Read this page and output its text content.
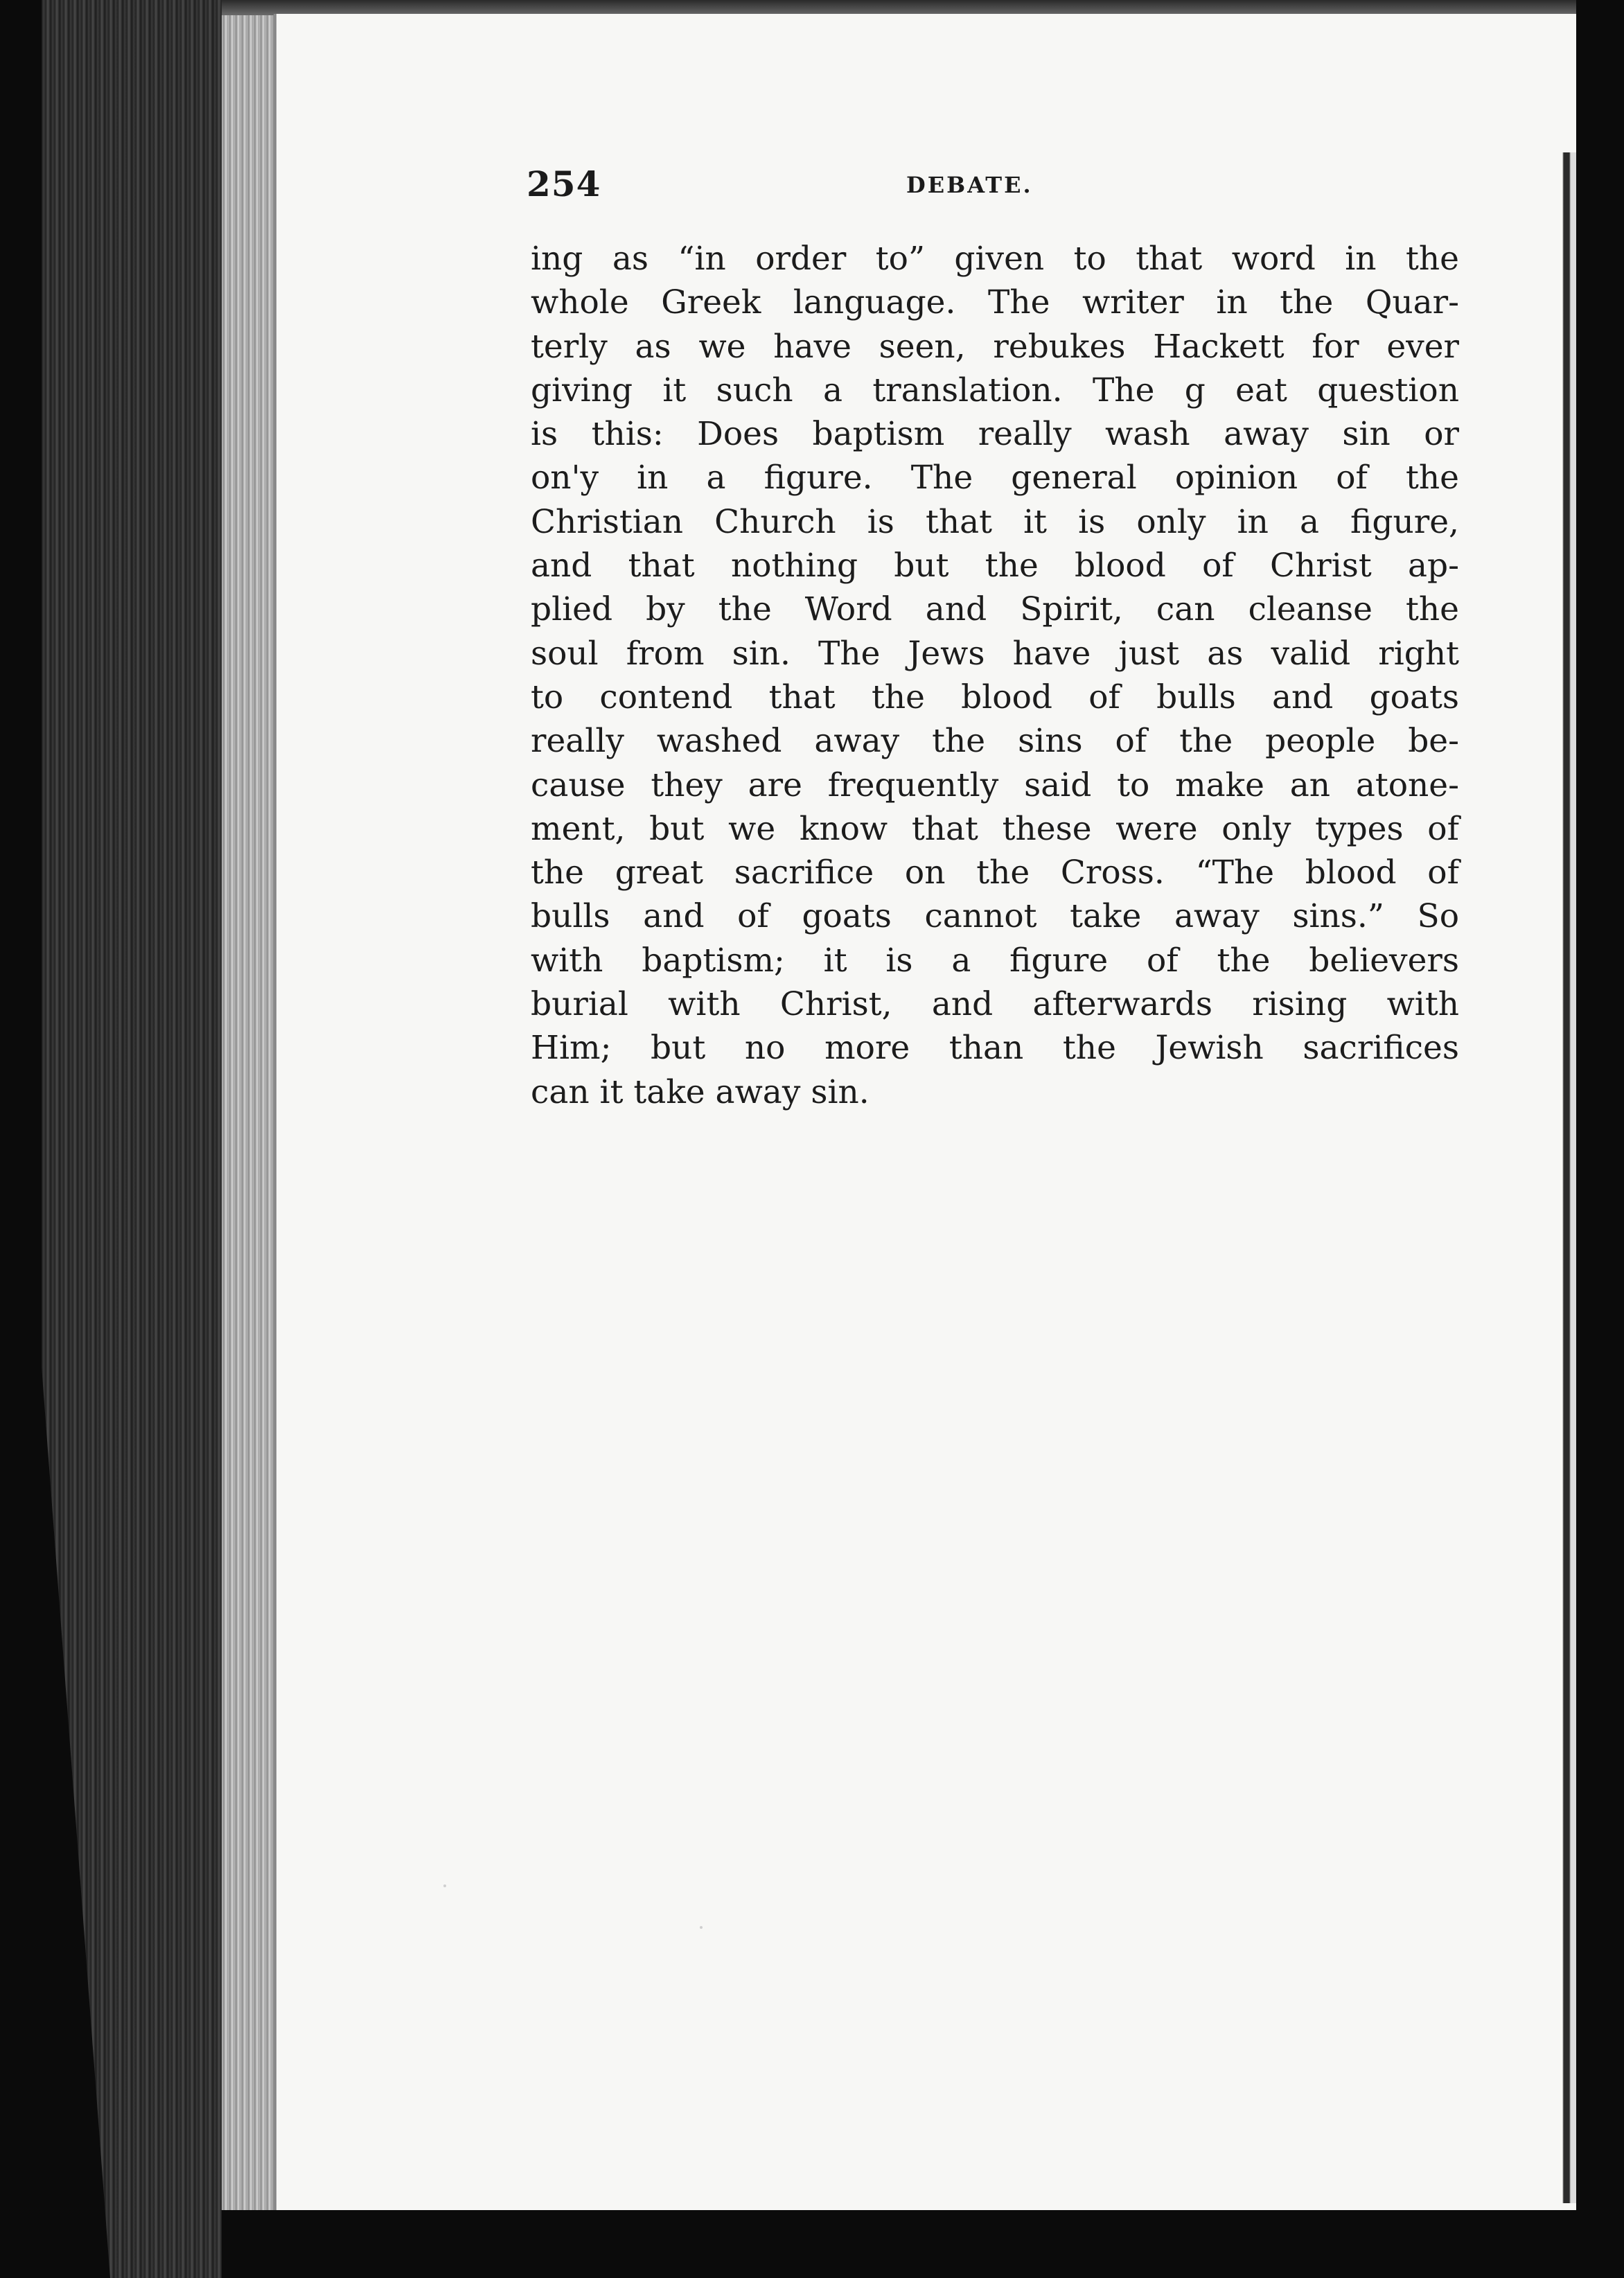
254	DEBATE.
ing as “in order to” given to that word in the
whole Greek language. The writer in the Quar-
terly as we have seen, rebukes Hackett for ever
giving it such a translation. The g eat question
is this: Does baptism really wash away sin or
on'y in a figure. The general opinion of the
Christian Church is that it is only in a figure,
and that nothing but the blood of Christ ap-
plied by the Word and Spirit, can cleanse the
soul from sin. The Jews have just as valid right
to contend that the blood of bulls and goats
really washed away the sins of the people be-
cause they are frequently said to make an atone-
ment, but we know that these were only types of
the great sacrifice on the Cross. “The blood of
bulls and of goats cannot take away sins.” So
with baptism; it is a figure of the believers
burial with Christ, and afterwards rising with
Him; but no more than the Jewish sacrifices
can it take away sin.
